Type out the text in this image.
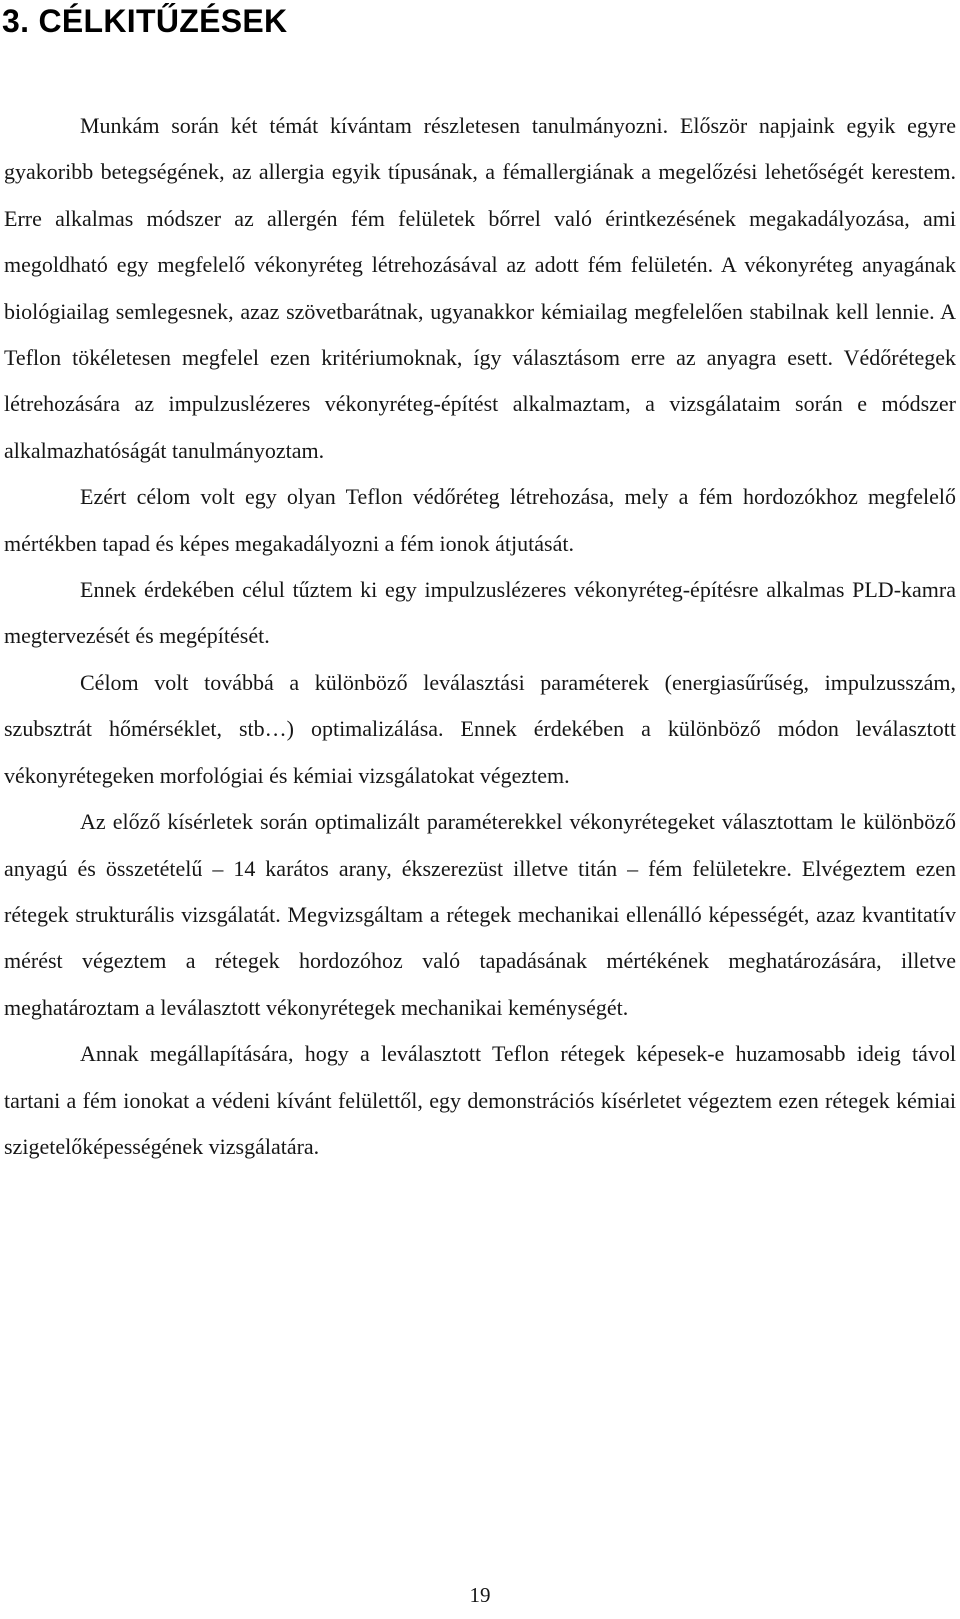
3. CÉLKITŰZÉSEK

Munkám során két témát kívántam részletesen tanulmányozni. Először napjaink egyik egyre gyakoribb betegségének, az allergia egyik típusának, a fémallergiának a megelőzési lehetőségét kerestem. Erre alkalmas módszer az allergén fém felületek bőrrel való érintkezésének megakadályozása, ami megoldható egy megfelelő vékonyréteg létrehozásával az adott fém felületén. A vékonyréteg anyagának biológiailag semlegesnek, azaz szövetbarátnak, ugyanakkor kémiailag megfelelően stabilnak kell lennie. A Teflon tökéletesen megfelel ezen kritériumoknak, így választásom erre az anyagra esett. Védőrétegek létrehozására az impulzuslézeres vékonyréteg-építést alkalmaztam, a vizsgálataim során e módszer alkalmazhatóságát tanulmányoztam.

Ezért célom volt egy olyan Teflon védőréteg létrehozása, mely a fém hordozókhoz megfelelő mértékben tapad és képes megakadályozni a fém ionok átjutását.

Ennek érdekében célul tűztem ki egy impulzuslézeres vékonyréteg-építésre alkalmas PLD-kamra megtervezését és megépítését.

Célom volt továbbá a különböző leválasztási paraméterek (energiasűrűség, impulzusszám, szubsztrát hőmérséklet, stb…) optimalizálása. Ennek érdekében a különböző módon leválasztott vékonyrétegeken morfológiai és kémiai vizsgálatokat végeztem.

Az előző kísérletek során optimalizált paraméterekkel vékonyrétegeket választottam le különböző anyagú és összetételű – 14 karátos arany, ékszerezüst illetve titán – fém felületekre. Elvégeztem ezen rétegek strukturális vizsgálatát. Megvizsgáltam a rétegek mechanikai ellenálló képességét, azaz kvantitatív mérést végeztem a rétegek hordozóhoz való tapadásának mértékének meghatározására, illetve meghatároztam a leválasztott vékonyrétegek mechanikai keménységét.

Annak megállapítására, hogy a leválasztott Teflon rétegek képesek-e huzamosabb ideig távol tartani a fém ionokat a védeni kívánt felülettől, egy demonstrációs kísérletet végeztem ezen rétegek kémiai szigetelőképességének vizsgálatára.

19
